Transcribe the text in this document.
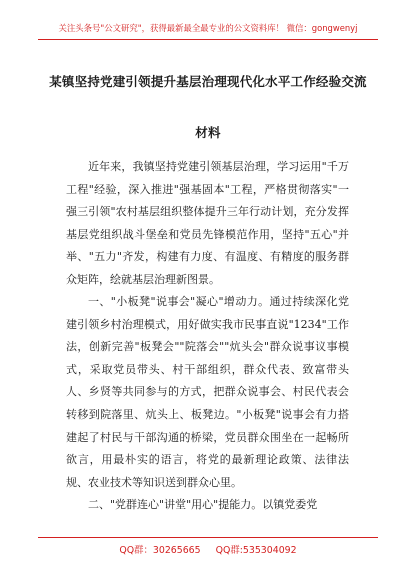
关注头条号"公文研究"，获得最新最全最专业的公文资料库！ 微信：gongwenyj
某镇坚持党建引领提升基层治理现代化水平工作经验交流
材料

近年来，我镇坚持党建引领基层治理，学习运用"千万工程"经验，深入推进"强基固本"工程，严格贯彻落实"一强三引领"农村基层组织整体提升三年行动计划，充分发挥基层党组织战斗堡垒和党员先锋模范作用，坚持"五心"并举、"五力"齐发，构建有力度、有温度、有精度的服务群众矩阵，绘就基层治理新图景。

一、"小板凳"说事会"凝心"增动力。通过持续深化党建引领乡村治理模式，用好做实我市民事直说"1234"工作法，创新完善"板凳会""院落会""炕头会"群众说事议事模式，采取党员带头、村干部组织，群众代表、致富带头人、乡贤等共同参与的方式，把群众说事会、村民代表会转移到院落里、炕头上、板凳边。"小板凳"说事会有力搭建起了村民与干部沟通的桥梁，党员群众围坐在一起畅所欲言，用最朴实的语言，将党的最新理论政策、法律法规、农业技术等知识送到群众心里。

二、"党群连心"讲堂"用心"提能力。以镇党委党

QQ群：30265665 QQ群:535304092
